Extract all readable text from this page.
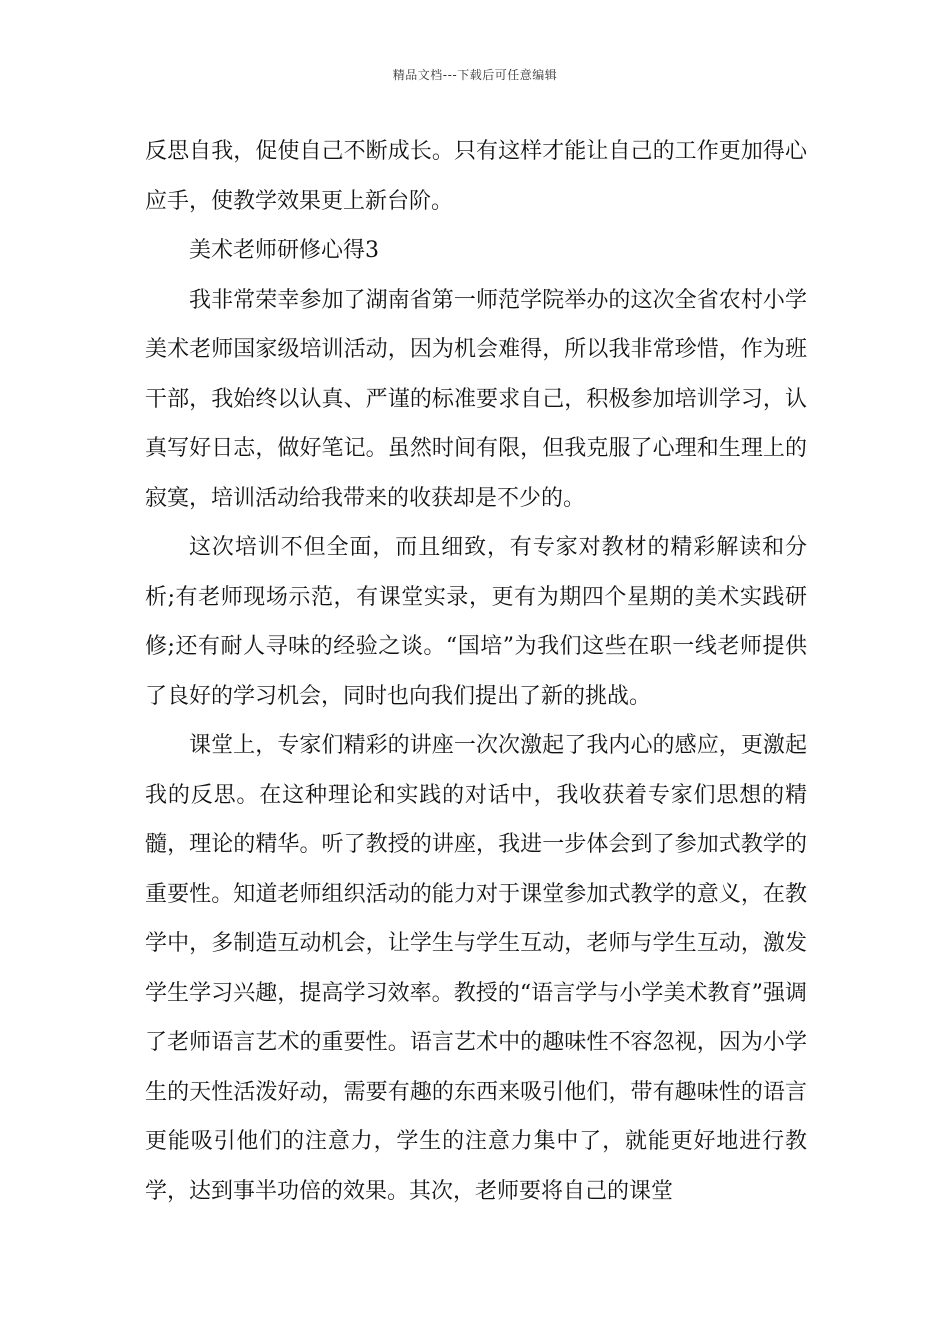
精品文档---下载后可任意编辑

反思自我，促使自己不断成长。只有这样才能让自己的工作更加得心应手，使教学效果更上新台阶。

美术老师研修心得3

我非常荣幸参加了湖南省第一师范学院举办的这次全省农村小学美术老师国家级培训活动，因为机会难得，所以我非常珍惜，作为班干部，我始终以认真、严谨的标准要求自己，积极参加培训学习，认真写好日志，做好笔记。虽然时间有限，但我克服了心理和生理上的寂寞，培训活动给我带来的收获却是不少的。

这次培训不但全面，而且细致，有专家对教材的精彩解读和分析;有老师现场示范，有课堂实录，更有为期四个星期的美术实践研修;还有耐人寻味的经验之谈。“国培”为我们这些在职一线老师提供了良好的学习机会，同时也向我们提出了新的挑战。

课堂上，专家们精彩的讲座一次次激起了我内心的感应，更激起我的反思。在这种理论和实践的对话中，我收获着专家们思想的精髓，理论的精华。听了教授的讲座，我进一步体会到了参加式教学的重要性。知道老师组织活动的能力对于课堂参加式教学的意义，在教学中，多制造互动机会，让学生与学生互动，老师与学生互动，激发学生学习兴趣，提高学习效率。教授的“语言学与小学美术教育”强调了老师语言艺术的重要性。语言艺术中的趣味性不容忽视，因为小学生的天性活泼好动，需要有趣的东西来吸引他们，带有趣味性的语言更能吸引他们的注意力，学生的注意力集中了，就能更好地进行教学，达到事半功倍的效果。其次，老师要将自己的课堂
